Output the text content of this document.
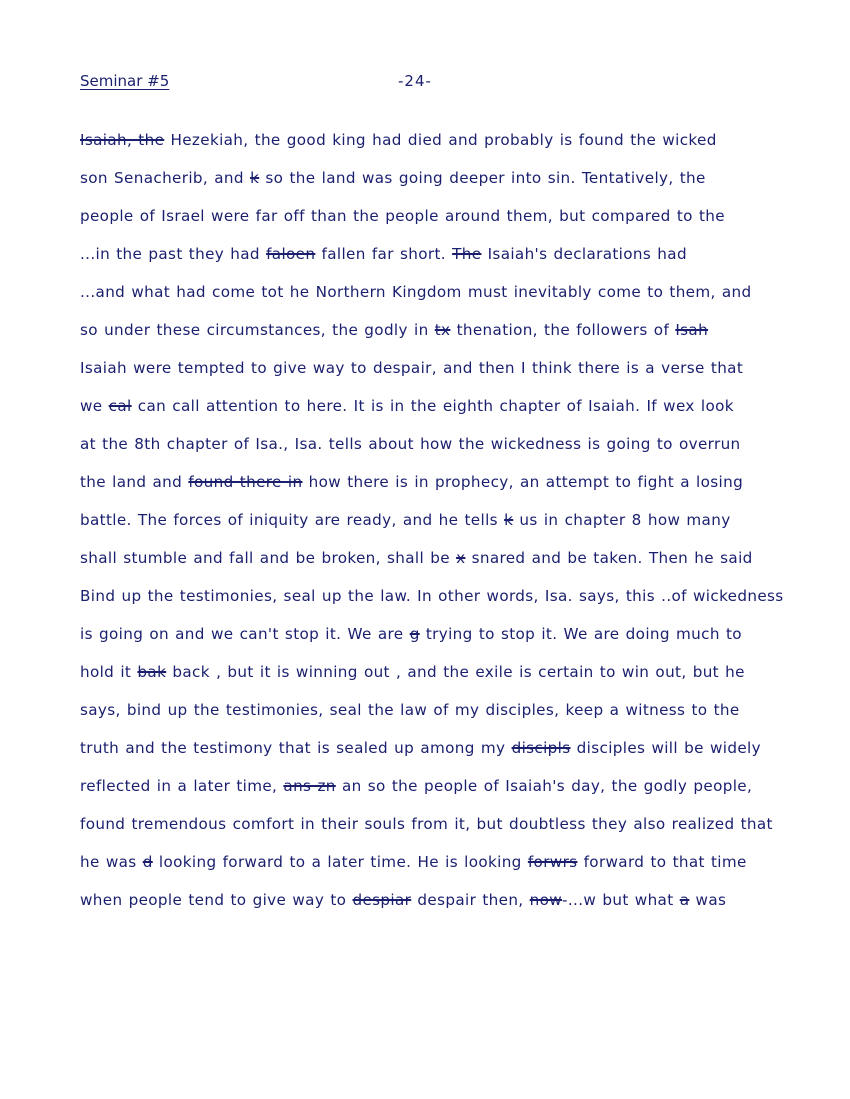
Seminar #5	-24-
Isaiah, the Hezekiah, the good king had died and probably is found the wicked
son Senacherib, and k so the land was going deeper into sin. Tentatively, the
people of Israel were far off than the people around them, but compared to the
...in the past they had faloen fallen far short. The Isaiah's declarations had
...and what had come tot he Northern Kingdom must inevitably come to them, and
so under these circumstances, the godly in tx thenation, the followers of Isah
Isaiah were tempted to give way to despair, and then I think there is a verse that
we cal can call attention to here. It is in the eighth chapter of Isaiah. If wex look
at the 8th chapter of Isa., Isa. tells about how the wickedness is going to overrun
the land and found there in how there is in prophecy, an attempt to fight a losing
battle. The forces of iniquity are ready, and he tells k us in chapter 8 how many
shall stumble and fall and be broken, shall be x snared and be taken. Then he said
Bind up the testimonies, seal up the law. In other words, Isa. says, this ..of wickedness
is going on and we can't stop it. We are g trying to stop it. We are doing much to
hold it bak back , but it is winning out , and the exile is certain to win out, but he
says, bind up the testimonies, seal the law of my disciples, keep a witness to the
truth and the testimony that is sealed up among my discipls disciples will be widely
reflected in a later time, ans zn an so the people of Isaiah's day, the godly people,
found tremendous comfort in their souls from it, but doubtless they also realized that
he was d looking forward to a later time. He is looking forwrs forward to that time
when people tend to give way to despiar despair then, now-...w but what a was
